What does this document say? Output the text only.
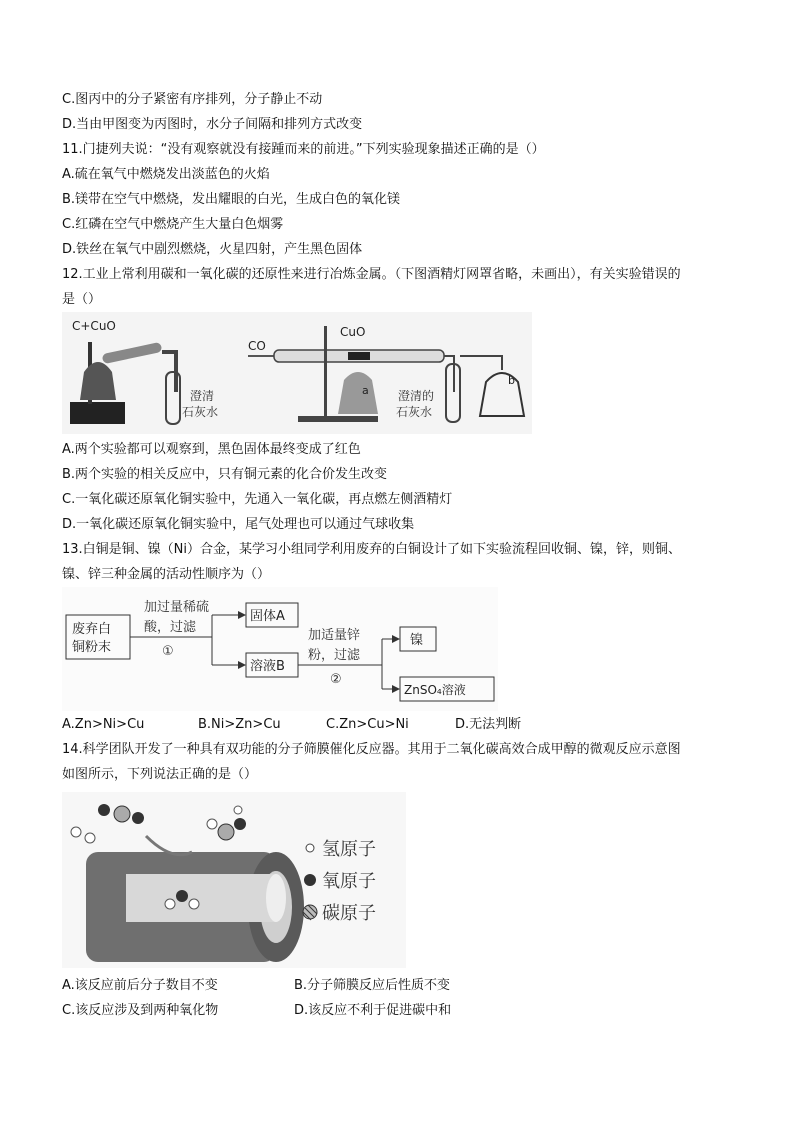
C.图丙中的分子紧密有序排列，分子静止不动
D.当由甲图变为丙图时，水分子间隔和排列方式改变
11.门捷列夫说：“没有观察就没有接踵而来的前进。”下列实验现象描述正确的是（）
A.硫在氧气中燃烧发出淡蓝色的火焰
B.镁带在空气中燃烧，发出耀眼的白光，生成白色的氧化镁
C.红磷在空气中燃烧产生大量白色烟雾
D.铁丝在氧气中剧烈燃烧，火星四射，产生黑色固体
12.工业上常利用碳和一氧化碳的还原性来进行冶炼金属。（下图酒精灯网罩省略，未画出），有关实验错误的
是（）
C+CuO
澄清
石灰水
CO
CuO
a 澄清的
石灰水
b
A.两个实验都可以观察到，黑色固体最终变成了红色
B.两个实验的相关反应中，只有铜元素的化合价发生改变
C.一氧化碳还原氧化铜实验中，先通入一氧化碳，再点燃左侧酒精灯
D.一氧化碳还原氧化铜实验中，尾气处理也可以通过气球收集
13.白铜是铜、镍（Ni）合金，某学习小组同学利用废弃的白铜设计了如下实验流程回收铜、镍，锌，则铜、
镍、锌三种金属的活动性顺序为（）
废弃白
铜粉末
加过量稀硫
酸，过滤
①
固体A
溶液B
加适量锌
粉，过滤
②
镍
ZnSO₄溶液
A.Zn>Ni>Cu	B.Ni>Zn>Cu	C.Zn>Cu>Ni	D.无法判断
14.科学团队开发了一种具有双功能的分子筛膜催化反应器。其用于二氧化碳高效合成甲醇的微观反应示意图
如图所示，下列说法正确的是（）
氢原子
氧原子
碳原子
A.该反应前后分子数目不变	B.分子筛膜反应后性质不变
C.该反应涉及到两种氧化物	D.该反应不利于促进碳中和
